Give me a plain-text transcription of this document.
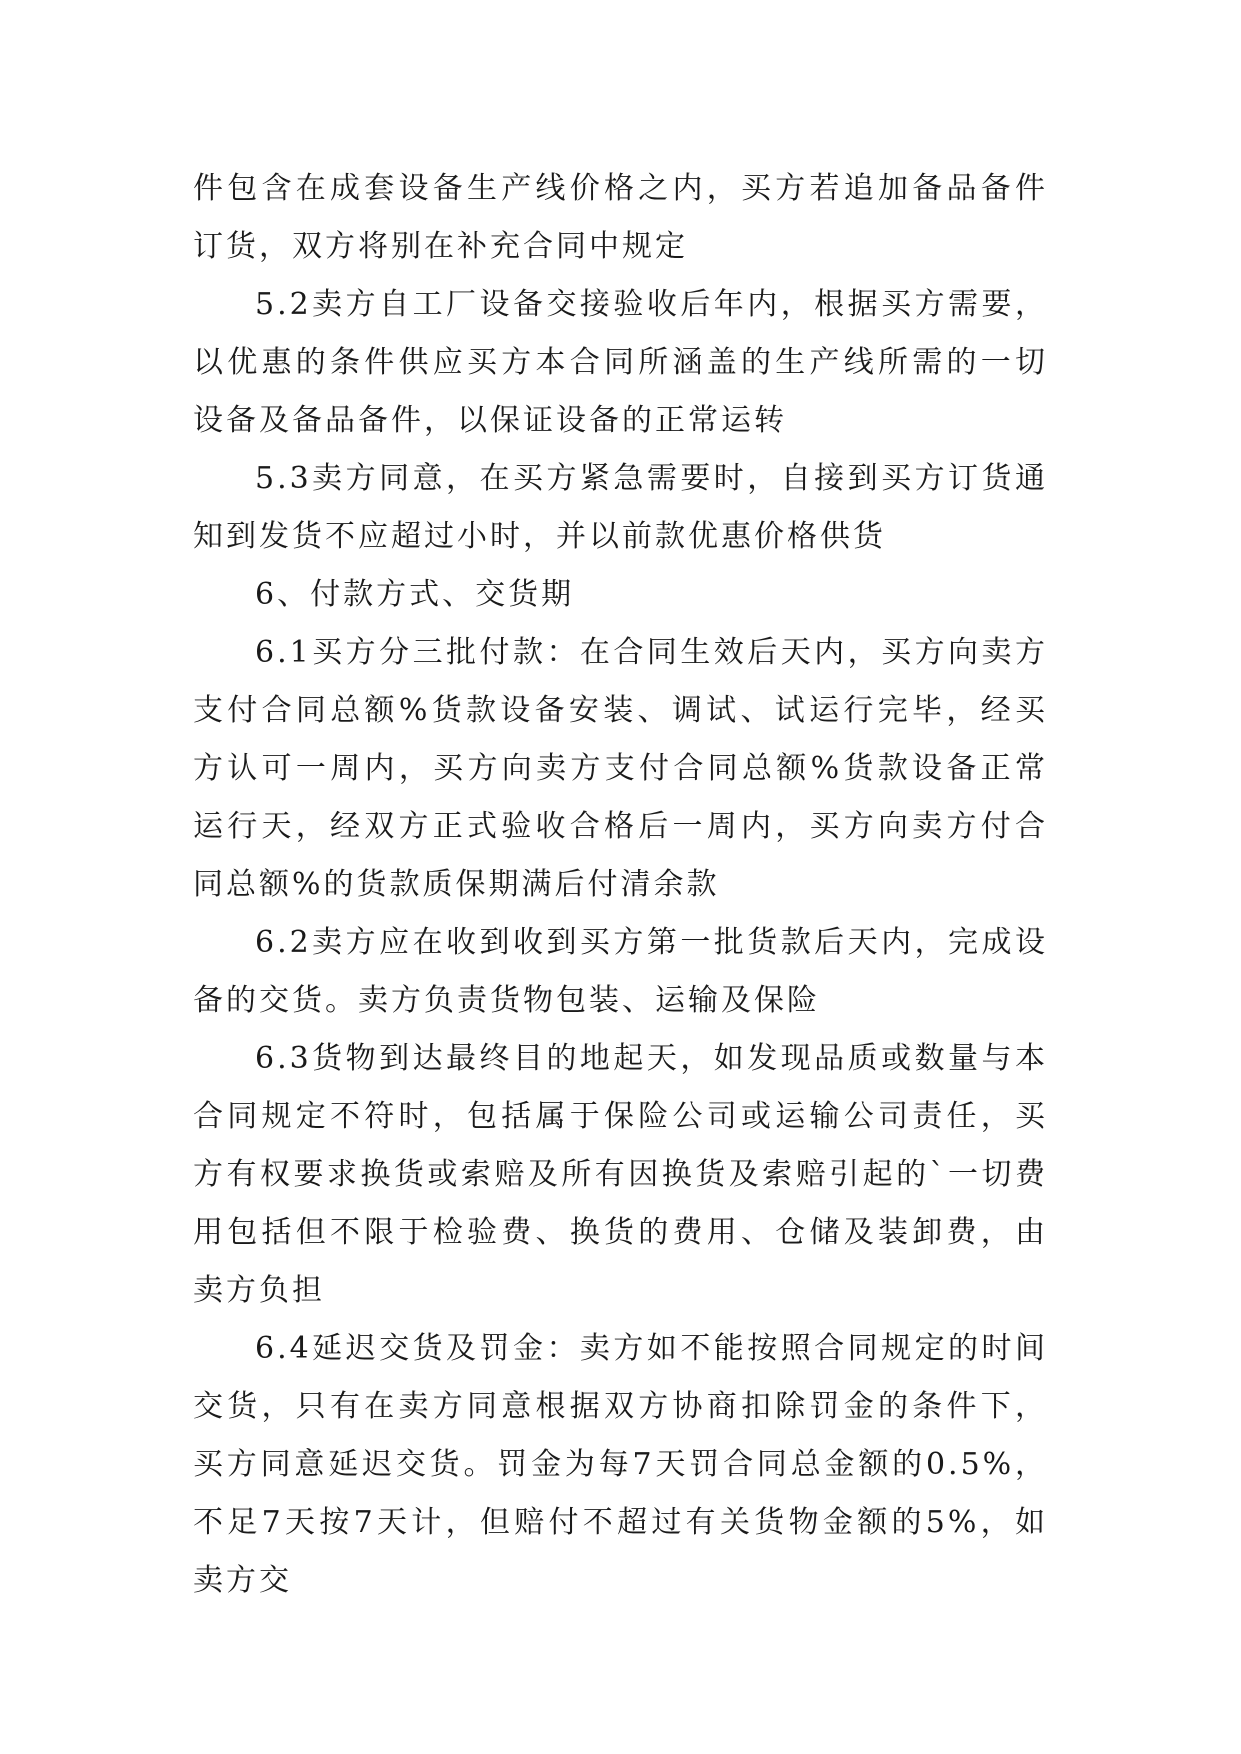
件包含在成套设备生产线价格之内，买方若追加备品备件订货，双方将别在补充合同中规定

5.2卖方自工厂设备交接验收后年内，根据买方需要，以优惠的条件供应买方本合同所涵盖的生产线所需的一切设备及备品备件，以保证设备的正常运转

5.3卖方同意，在买方紧急需要时，自接到买方订货通知到发货不应超过小时，并以前款优惠价格供货

6、付款方式、交货期

6.1买方分三批付款：在合同生效后天内，买方向卖方支付合同总额%货款设备安装、调试、试运行完毕，经买方认可一周内，买方向卖方支付合同总额%货款设备正常运行天，经双方正式验收合格后一周内，买方向卖方付合同总额%的货款质保期满后付清余款

6.2卖方应在收到收到买方第一批货款后天内，完成设备的交货。卖方负责货物包装、运输及保险

6.3货物到达最终目的地起天，如发现品质或数量与本合同规定不符时，包括属于保险公司或运输公司责任，买方有权要求换货或索赔及所有因换货及索赔引起的`一切费用包括但不限于检验费、换货的费用、仓储及装卸费，由卖方负担

6.4延迟交货及罚金：卖方如不能按照合同规定的时间交货，只有在卖方同意根据双方协商扣除罚金的条件下，买方同意延迟交货。罚金为每7天罚合同总金额的0.5%，不足7天按7天计，但赔付不超过有关货物金额的5%，如卖方交
